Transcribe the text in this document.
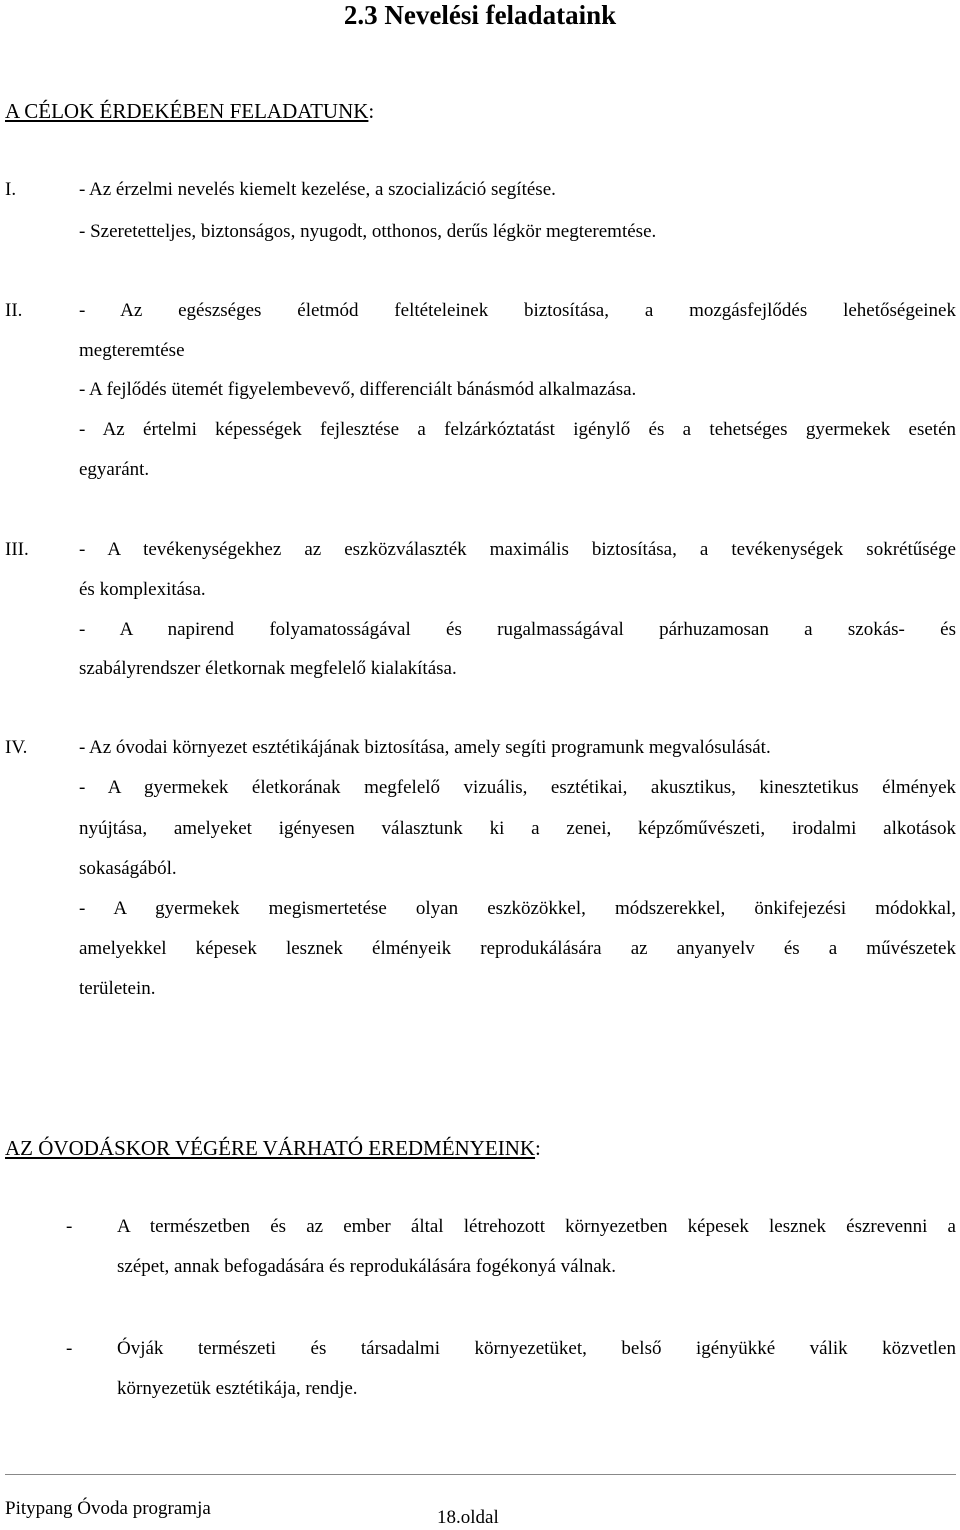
2.3 Nevelési feladataink
A CÉLOK ÉRDEKÉBEN FELADATUNK:
I.	- Az érzelmi nevelés kiemelt kezelése, a szocializáció segítése.
- Szeretetteljes, biztonságos, nyugodt, otthonos, derűs légkör megteremtése.
II.	- Az egészséges életmód feltételeinek biztosítása, a mozgásfejlődés lehetőségeinek
megteremtése
- A fejlődés ütemét figyelembevevő, differenciált bánásmód alkalmazása.
- Az értelmi képességek fejlesztése a felzárkóztatást igénylő és a tehetséges gyermekek esetén
egyaránt.
III.	- A tevékenységekhez az eszközválaszték maximális biztosítása, a tevékenységek sokrétűsége
és komplexitása.
- A napirend folyamatosságával és rugalmasságával párhuzamosan a szokás- és
szabályrendszer életkornak megfelelő kialakítása.
IV.	- Az óvodai környezet esztétikájának biztosítása, amely segíti programunk megvalósulását.
- A gyermekek életkorának megfelelő vizuális, esztétikai, akusztikus, kinesztetikus élmények
nyújtása, amelyeket igényesen választunk ki a zenei, képzőművészeti, irodalmi alkotások
sokaságából.
- A gyermekek megismertetése olyan eszközökkel, módszerekkel, önkifejezési módokkal,
amelyekkel képesek lesznek élményeik reprodukálására az anyanyelv és a művészetek
területein.
AZ ÓVODÁSKOR VÉGÉRE VÁRHATÓ EREDMÉNYEINK:
- A természetben és az ember által létrehozott környezetben képesek lesznek észrevenni a
szépet, annak befogadására és reprodukálására fogékonyá válnak.
- Óvják természeti és társadalmi környezetüket, belső igényükké válik közvetlen
környezetük esztétikája, rendje.
Pitypang Óvoda programja	18.oldal
